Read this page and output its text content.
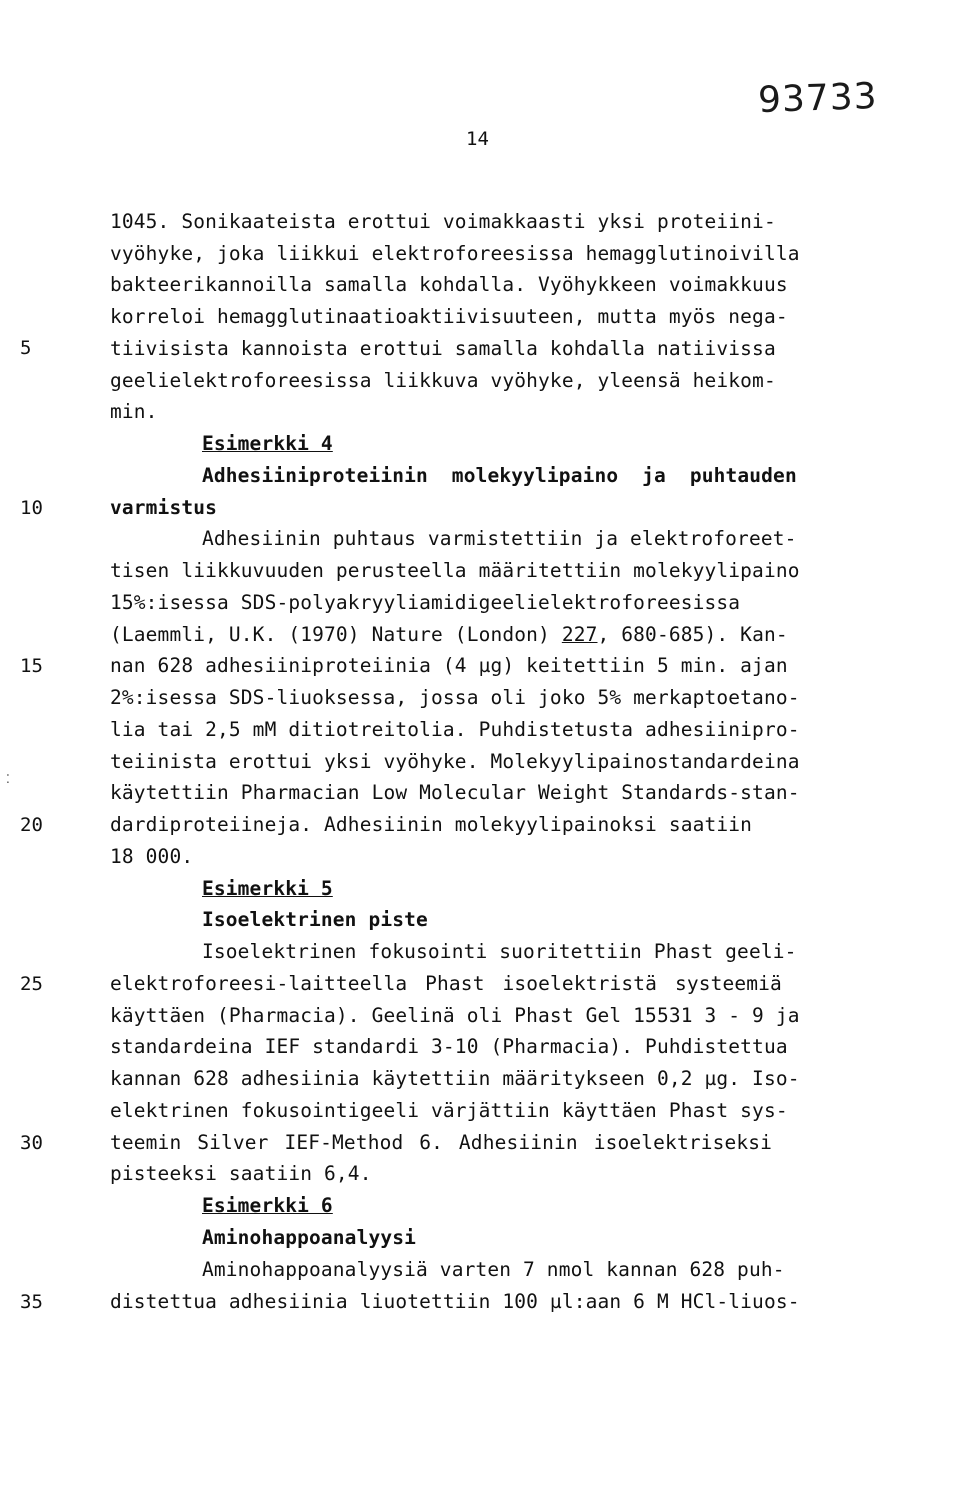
93733
14
5
10
15
20
25
30
35
⁚
1045. Sonikaateista erottui voimakkaasti yksi proteiini-
vyöhyke, joka liikkui elektroforeesissa hemagglutinoivilla
bakteerikannoilla samalla kohdalla. Vyöhykkeen voimakkuus
korreloi hemagglutinaatioaktiivisuuteen, mutta myös nega-
tiivisista kannoista erottui samalla kohdalla natiivissa
geelielektroforeesissa liikkuva vyöhyke, yleensä heikom-
min.
Esimerkki 4
Adhesiiniproteiinin molekyylipaino ja puhtauden
varmistus
Adhesiinin puhtaus varmistettiin ja elektroforeet-
tisen liikkuvuuden perusteella määritettiin molekyylipaino
15%:isessa SDS-polyakryyliamidigeelielektroforeesissa
(Laemmli, U.K. (1970) Nature (London) 227, 680-685). Kan-
nan 628 adhesiiniproteiinia (4 µg) keitettiin 5 min. ajan
2%:isessa SDS-liuoksessa, jossa oli joko 5% merkaptoetano-
lia tai 2,5 mM ditiotreitolia. Puhdistetusta adhesiinipro-
teiinista erottui yksi vyöhyke. Molekyylipainostandardeina
käytettiin Pharmacian Low Molecular Weight Standards-stan-
dardiproteiineja. Adhesiinin molekyylipainoksi saatiin
18 000.
Esimerkki 5
Isoelektrinen piste
Isoelektrinen fokusointi suoritettiin Phast geeli-
elektroforeesi-laitteella Phast isoelektristä systeemiä
käyttäen (Pharmacia). Geelinä oli Phast Gel 15531 3 - 9 ja
standardeina IEF standardi 3-10 (Pharmacia). Puhdistettua
kannan 628 adhesiinia käytettiin määritykseen 0,2 µg. Iso-
elektrinen fokusointigeeli värjättiin käyttäen Phast sys-
teemin Silver IEF-Method 6. Adhesiinin isoelektriseksi
pisteeksi saatiin 6,4.
Esimerkki 6
Aminohappoanalyysi
Aminohappoanalyysiä varten 7 nmol kannan 628 puh-
distettua adhesiinia liuotettiin 100 µl:aan 6 M HCl-liuos-
